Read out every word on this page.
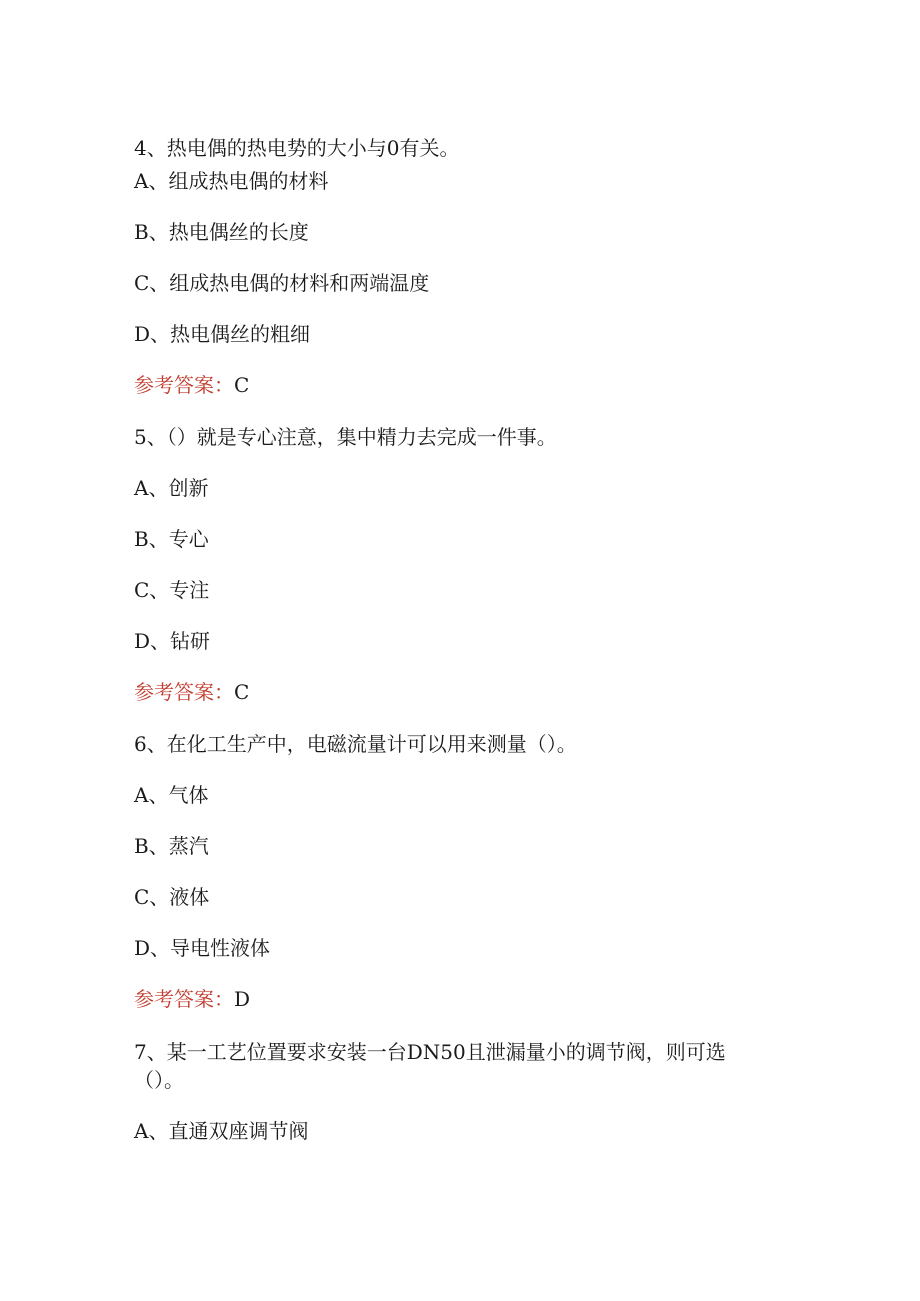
4、热电偶的热电势的大小与0有关。

A、组成热电偶的材料

B、热电偶丝的长度

C、组成热电偶的材料和两端温度

D、热电偶丝的粗细

参考答案：C

5、（）就是专心注意，集中精力去完成一件事。

A、创新

B、专心

C、专注

D、钻研

参考答案：C

6、在化工生产中，电磁流量计可以用来测量（）。

A、气体

B、蒸汽

C、液体

D、导电性液体

参考答案：D

7、某一工艺位置要求安装一台DN50且泄漏量小的调节阀，则可选

（）。

A、直通双座调节阀
